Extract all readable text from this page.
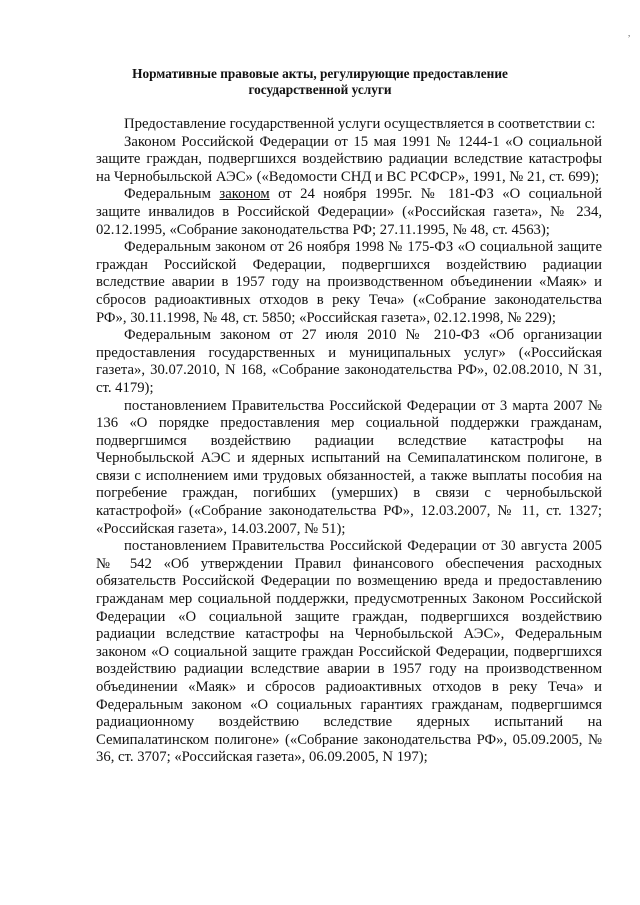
,
Нормативные правовые акты, регулирующие предоставление
государственной услуги

Предоставление государственной услуги осуществляется в соответствии с:

Законом Российской Федерации от 15 мая 1991 № 1244-1 «О социальной защите граждан, подвергшихся воздействию радиации вследствие катастрофы на Чернобыльской АЭС» («Ведомости СНД и ВС РСФСР», 1991, № 21, ст. 699);

Федеральным законом от 24 ноября 1995г. № 181-ФЗ «О социальной защите инвалидов в Российской Федерации» («Российская газета», № 234, 02.12.1995, «Собрание законодательства РФ; 27.11.1995, № 48, ст. 4563);

Федеральным законом от 26 ноября 1998 № 175-ФЗ «О социальной защите граждан Российской Федерации, подвергшихся воздействию радиации вследствие аварии в 1957 году на производственном объединении «Маяк» и сбросов радиоактивных отходов в реку Теча» («Собрание законодательства РФ», 30.11.1998, № 48, ст. 5850; «Российская газета», 02.12.1998, № 229);

Федеральным законом от 27 июля 2010 № 210-ФЗ «Об организации предоставления государственных и муниципальных услуг» («Российская газета», 30.07.2010, N 168, «Собрание законодательства РФ», 02.08.2010, N 31, ст. 4179);

постановлением Правительства Российской Федерации от 3 марта 2007 № 136 «О порядке предоставления мер социальной поддержки гражданам, подвергшимся воздействию радиации вследствие катастрофы на Чернобыльской АЭС и ядерных испытаний на Семипалатинском полигоне, в связи с исполнением ими трудовых обязанностей, а также выплаты пособия на погребение граждан, погибших (умерших) в связи с чернобыльской катастрофой» («Собрание законодательства РФ», 12.03.2007, № 11, ст. 1327; «Российская газета», 14.03.2007, № 51);

постановлением Правительства Российской Федерации от 30 августа 2005 № 542 «Об утверждении Правил финансового обеспечения расходных обязательств Российской Федерации по возмещению вреда и предоставлению гражданам мер социальной поддержки, предусмотренных Законом Российской Федерации «О социальной защите граждан, подвергшихся воздействию радиации вследствие катастрофы на Чернобыльской АЭС», Федеральным законом «О социальной защите граждан Российской Федерации, подвергшихся воздействию радиации вследствие аварии в 1957 году на производственном объединении «Маяк» и сбросов радиоактивных отходов в реку Теча» и Федеральным законом «О социальных гарантиях гражданам, подвергшимся радиационному воздействию вследствие ядерных испытаний на Семипалатинском полигоне» («Собрание законодательства РФ», 05.09.2005, № 36, ст. 3707; «Российская газета», 06.09.2005, N 197);
